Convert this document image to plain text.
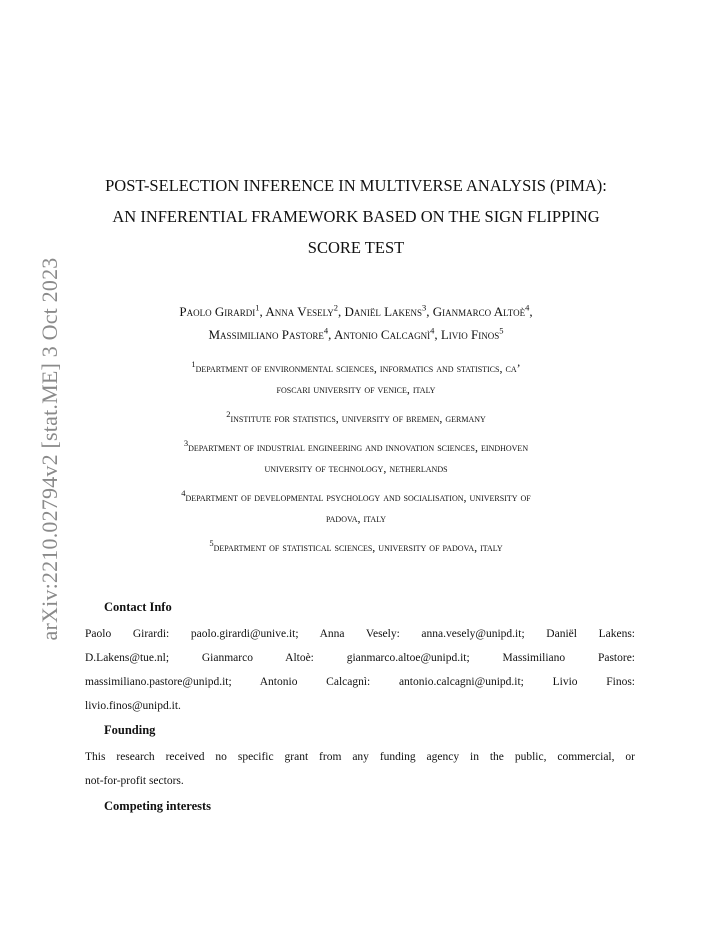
arXiv:2210.02794v2 [stat.ME] 3 Oct 2023
POST-SELECTION INFERENCE IN MULTIVERSE ANALYSIS (PIMA):
AN INFERENTIAL FRAMEWORK BASED ON THE SIGN FLIPPING
SCORE TEST
Paolo Girardi$^1$, Anna Vesely$^2$, Daniël Lakens$^3$, Gianmarco Altoè$^4$,
Massimiliano Pastore$^4$, Antonio Calcagnì$^4$, Livio Finos$^5$
$^1$department of environmental sciences, informatics and statistics, ca’
foscari university of venice, italy
$^2$institute for statistics, university of bremen, germany
$^3$department of industrial engineering and innovation sciences, eindhoven
university of technology, netherlands
$^4$department of developmental psychology and socialisation, university of
padova, italy
$^5$department of statistical sciences, university of padova, italy
Contact Info
Paolo Girardi: paolo.girardi@unive.it; Anna Vesely: anna.vesely@unipd.it; Daniël Lakens:
D.Lakens@tue.nl; Gianmarco Altoè: gianmarco.altoe@unipd.it; Massimiliano Pastore:
massimiliano.pastore@unipd.it; Antonio Calcagnì: antonio.calcagni@unipd.it; Livio Finos:
livio.finos@unipd.it.
Founding
This research received no specific grant from any funding agency in the public, commercial, or
not-for-profit sectors.
Competing interests
